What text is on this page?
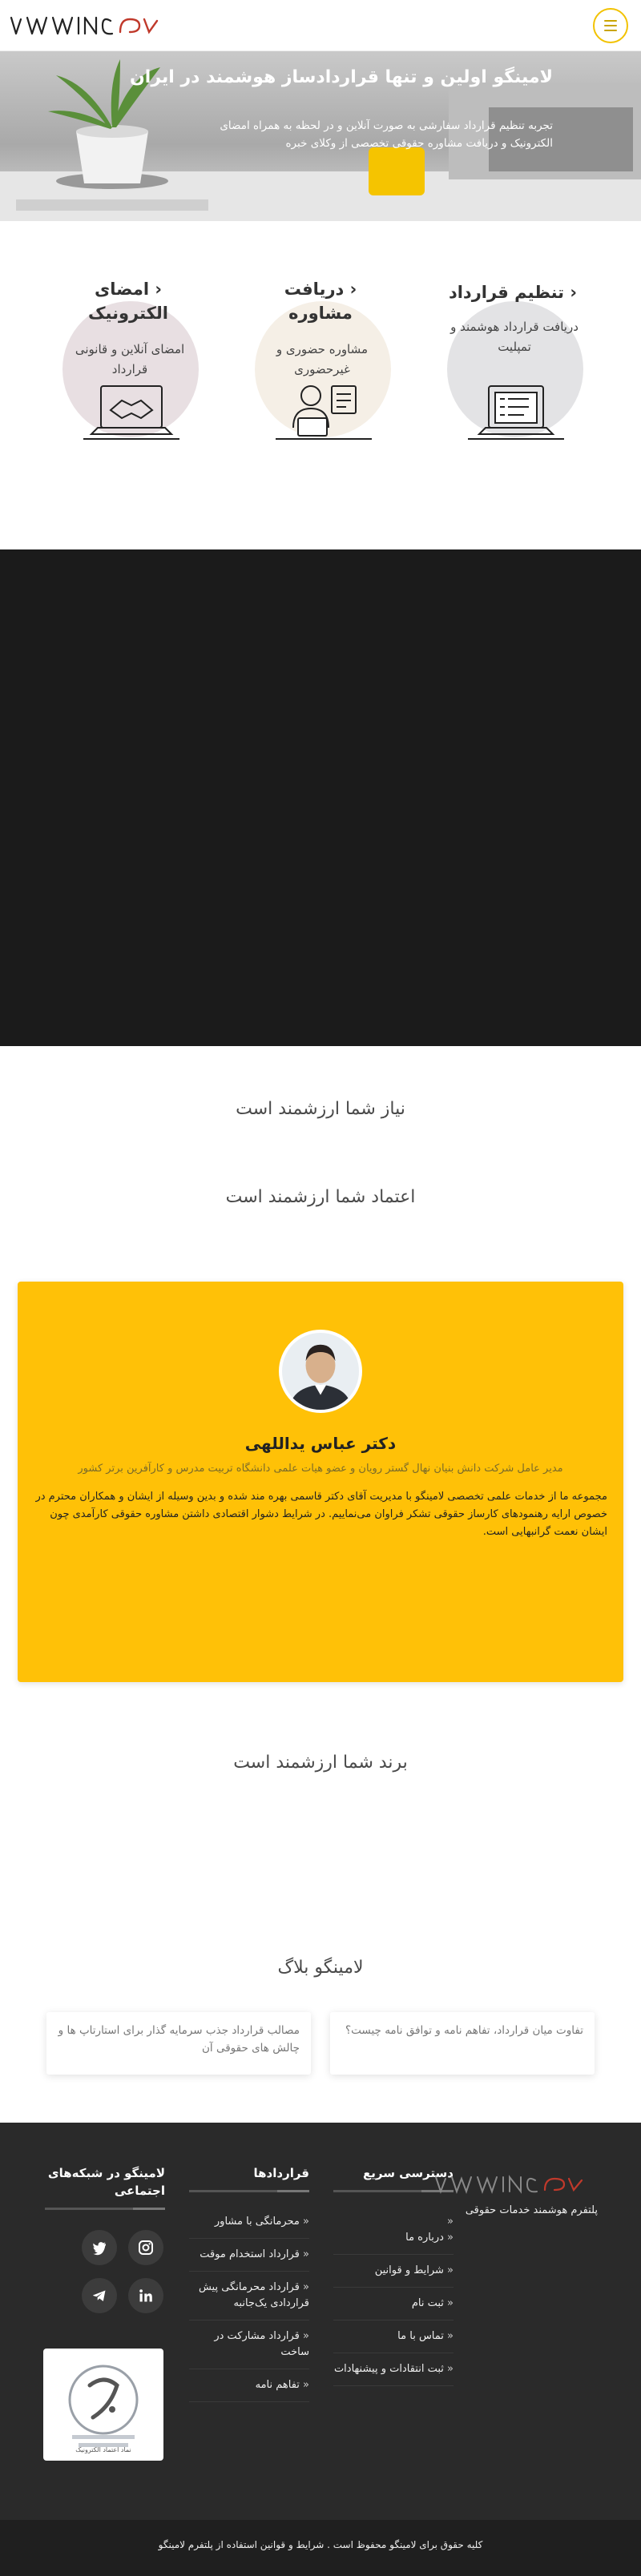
لامینگو اولین و تنها قراردادساز هوشمند در ایران

تجربه تنظیم قرارداد سفارشی به صورت آنلاین و در لحظه به همراه امضای الکترونیک و دریافت مشاوره حقوقی تخصصی از وکلای خبره

‹ تنظیم قرارداد

دریافت قرارداد هوشمند و تمپلیت

‹ دریافت مشاوره

مشاوره حضوری و غیرحضوری

‹ امضای الکترونیک

امضای آنلاین و قانونی قرارداد

نیاز شما ارزشمند است
اعتماد شما ارزشمند است
دکتر عباس یداللهی
مدیر عامل شرکت دانش بنیان نهال گستر رویان و عضو هیات علمی دانشگاه تربیت مدرس و کارآفرین برتر کشور
مجموعه ما از خدمات علمی تخصصی لامینگو با مدیریت آقای دکتر قاسمی بهره مند شده و بدین وسیله از ایشان و همکاران محترم در خصوص ارایه رهنمودهای کارساز حقوقی تشکر فراوان می‌نماییم. در شرایط دشوار اقتصادی داشتن مشاوره حقوقی کارآمدی چون ایشان نعمت گرانبهایی است.
برند شما ارزشمند است
لامینگو بلاگ
تفاوت میان قرارداد، تفاهم نامه و توافق نامه چیست؟
مصالب قرارداد جذب سرمایه گذار برای استارتاپ ها و چالش های حقوقی آن
دسترسی سریع
پلتفرم هوشمند خدمات حقوقی
«
« درباره ما
« شرایط و قوانین
« ثبت نام
« تماس با ما
« ثبت انتقادات و پیشنهادات
قراردادها
« محرمانگی با مشاور
« قرارداد استخدام موقت
« قرارداد محرمانگی پیش قراردادی یک‌جانبه
« قرارداد مشارکت در ساخت
« تفاهم نامه
لامینگو در شبکه‌های اجتماعی
نماد اعتماد الکترونیک

کلیه حقوق برای لامینگو محفوظ است . شرایط و قوانین استفاده از پلتفرم لامینگو
